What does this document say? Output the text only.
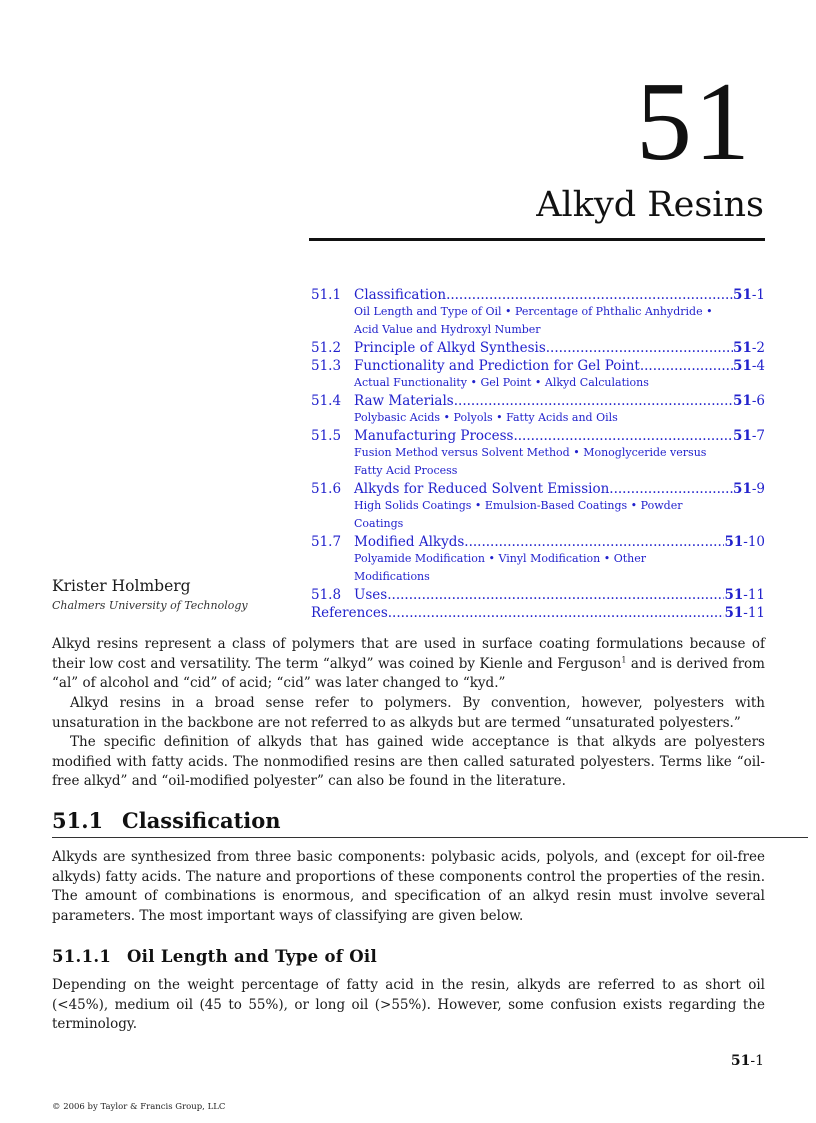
51
Alkyd Resins
51.1 Classification .....	51-1
Oil Length and Type of Oil • Percentage of Phthalic Anhydride •
Acid Value and Hydroxyl Number
51.2 Principle of Alkyd Synthesis .....	51-2
51.3 Functionality and Prediction for Gel Point .....	51-4
Actual Functionality • Gel Point • Alkyd Calculations
51.4 Raw Materials .....	51-6
Polybasic Acids • Polyols • Fatty Acids and Oils
51.5 Manufacturing Process .....	51-7
Fusion Method versus Solvent Method • Monoglyceride versus
Fatty Acid Process
51.6 Alkyds for Reduced Solvent Emission .....	51-9
High Solids Coatings • Emulsion-Based Coatings • Powder
Coatings
51.7 Modified Alkyds .....	51-10
Polyamide Modification • Vinyl Modification • Other
Modifications
51.8 Uses .....	51-11
References .....	51-11
Krister Holmberg
Chalmers University of Technology

Alkyd resins represent a class of polymers that are used in surface coating formulations because of their low cost and versatility. The term “alkyd” was coined by Kienle and Ferguson$^1$ and is derived from “al” of alcohol and “cid” of acid; “cid” was later changed to “kyd.”

Alkyd resins in a broad sense refer to polymers. By convention, however, polyesters with unsaturation in the backbone are not referred to as alkyds but are termed “unsaturated polyesters.”

The specific definition of alkyds that has gained wide acceptance is that alkyds are polyesters modified with fatty acids. The nonmodified resins are then called saturated polyesters. Terms like “oil-free alkyd” and “oil-modified polyester” can also be found in the literature.

51.1 Classification

Alkyds are synthesized from three basic components: polybasic acids, polyols, and (except for oil-free alkyds) fatty acids. The nature and proportions of these components control the properties of the resin. The amount of combinations is enormous, and specification of an alkyd resin must involve several parameters. The most important ways of classifying are given below.

51.1.1 Oil Length and Type of Oil

Depending on the weight percentage of fatty acid in the resin, alkyds are referred to as short oil (<45%), medium oil (45 to 55%), or long oil (>55%). However, some confusion exists regarding the terminology.

51-1
© 2006 by Taylor & Francis Group, LLC
